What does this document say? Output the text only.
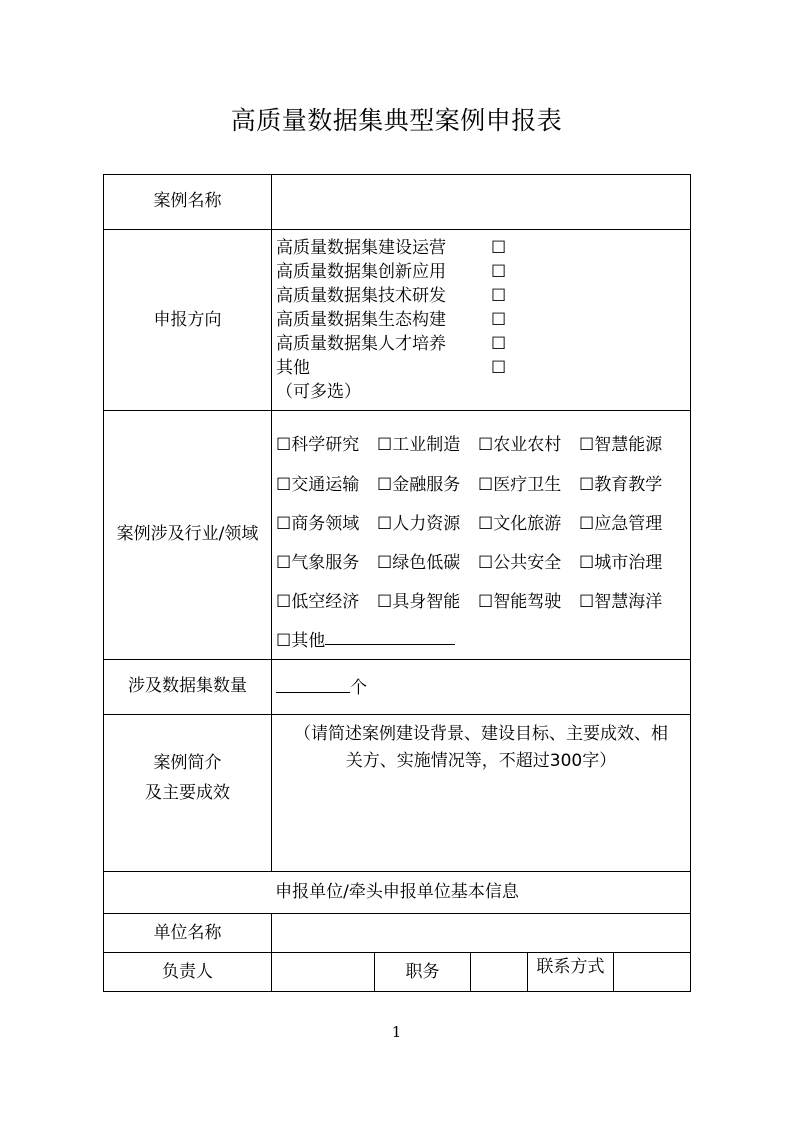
高质量数据集典型案例申报表
案例名称
申报方向
高质量数据集建设运营	☐
高质量数据集创新应用	☐
高质量数据集技术研发	☐
高质量数据集生态构建	☐
高质量数据集人才培养	☐
其他	☐
（可多选）
案例涉及行业/领域
☐科学研究	☐工业制造	☐农业农村	☐智慧能源
☐交通运输	☐金融服务	☐医疗卫生	☐教育教学
☐商务领域	☐人力资源	☐文化旅游	☐应急管理
☐气象服务	☐绿色低碳	☐公共安全	☐城市治理
☐低空经济	☐具身智能	☐智能驾驶	☐智慧海洋
☐其他
涉及数据集数量	个
案例简介
及主要成效
（请简述案例建设背景、建设目标、主要成效、相
关方、实施情况等，不超过300字）
申报单位/牵头申报单位基本信息
单位名称
负责人	职务	联系方式
1
